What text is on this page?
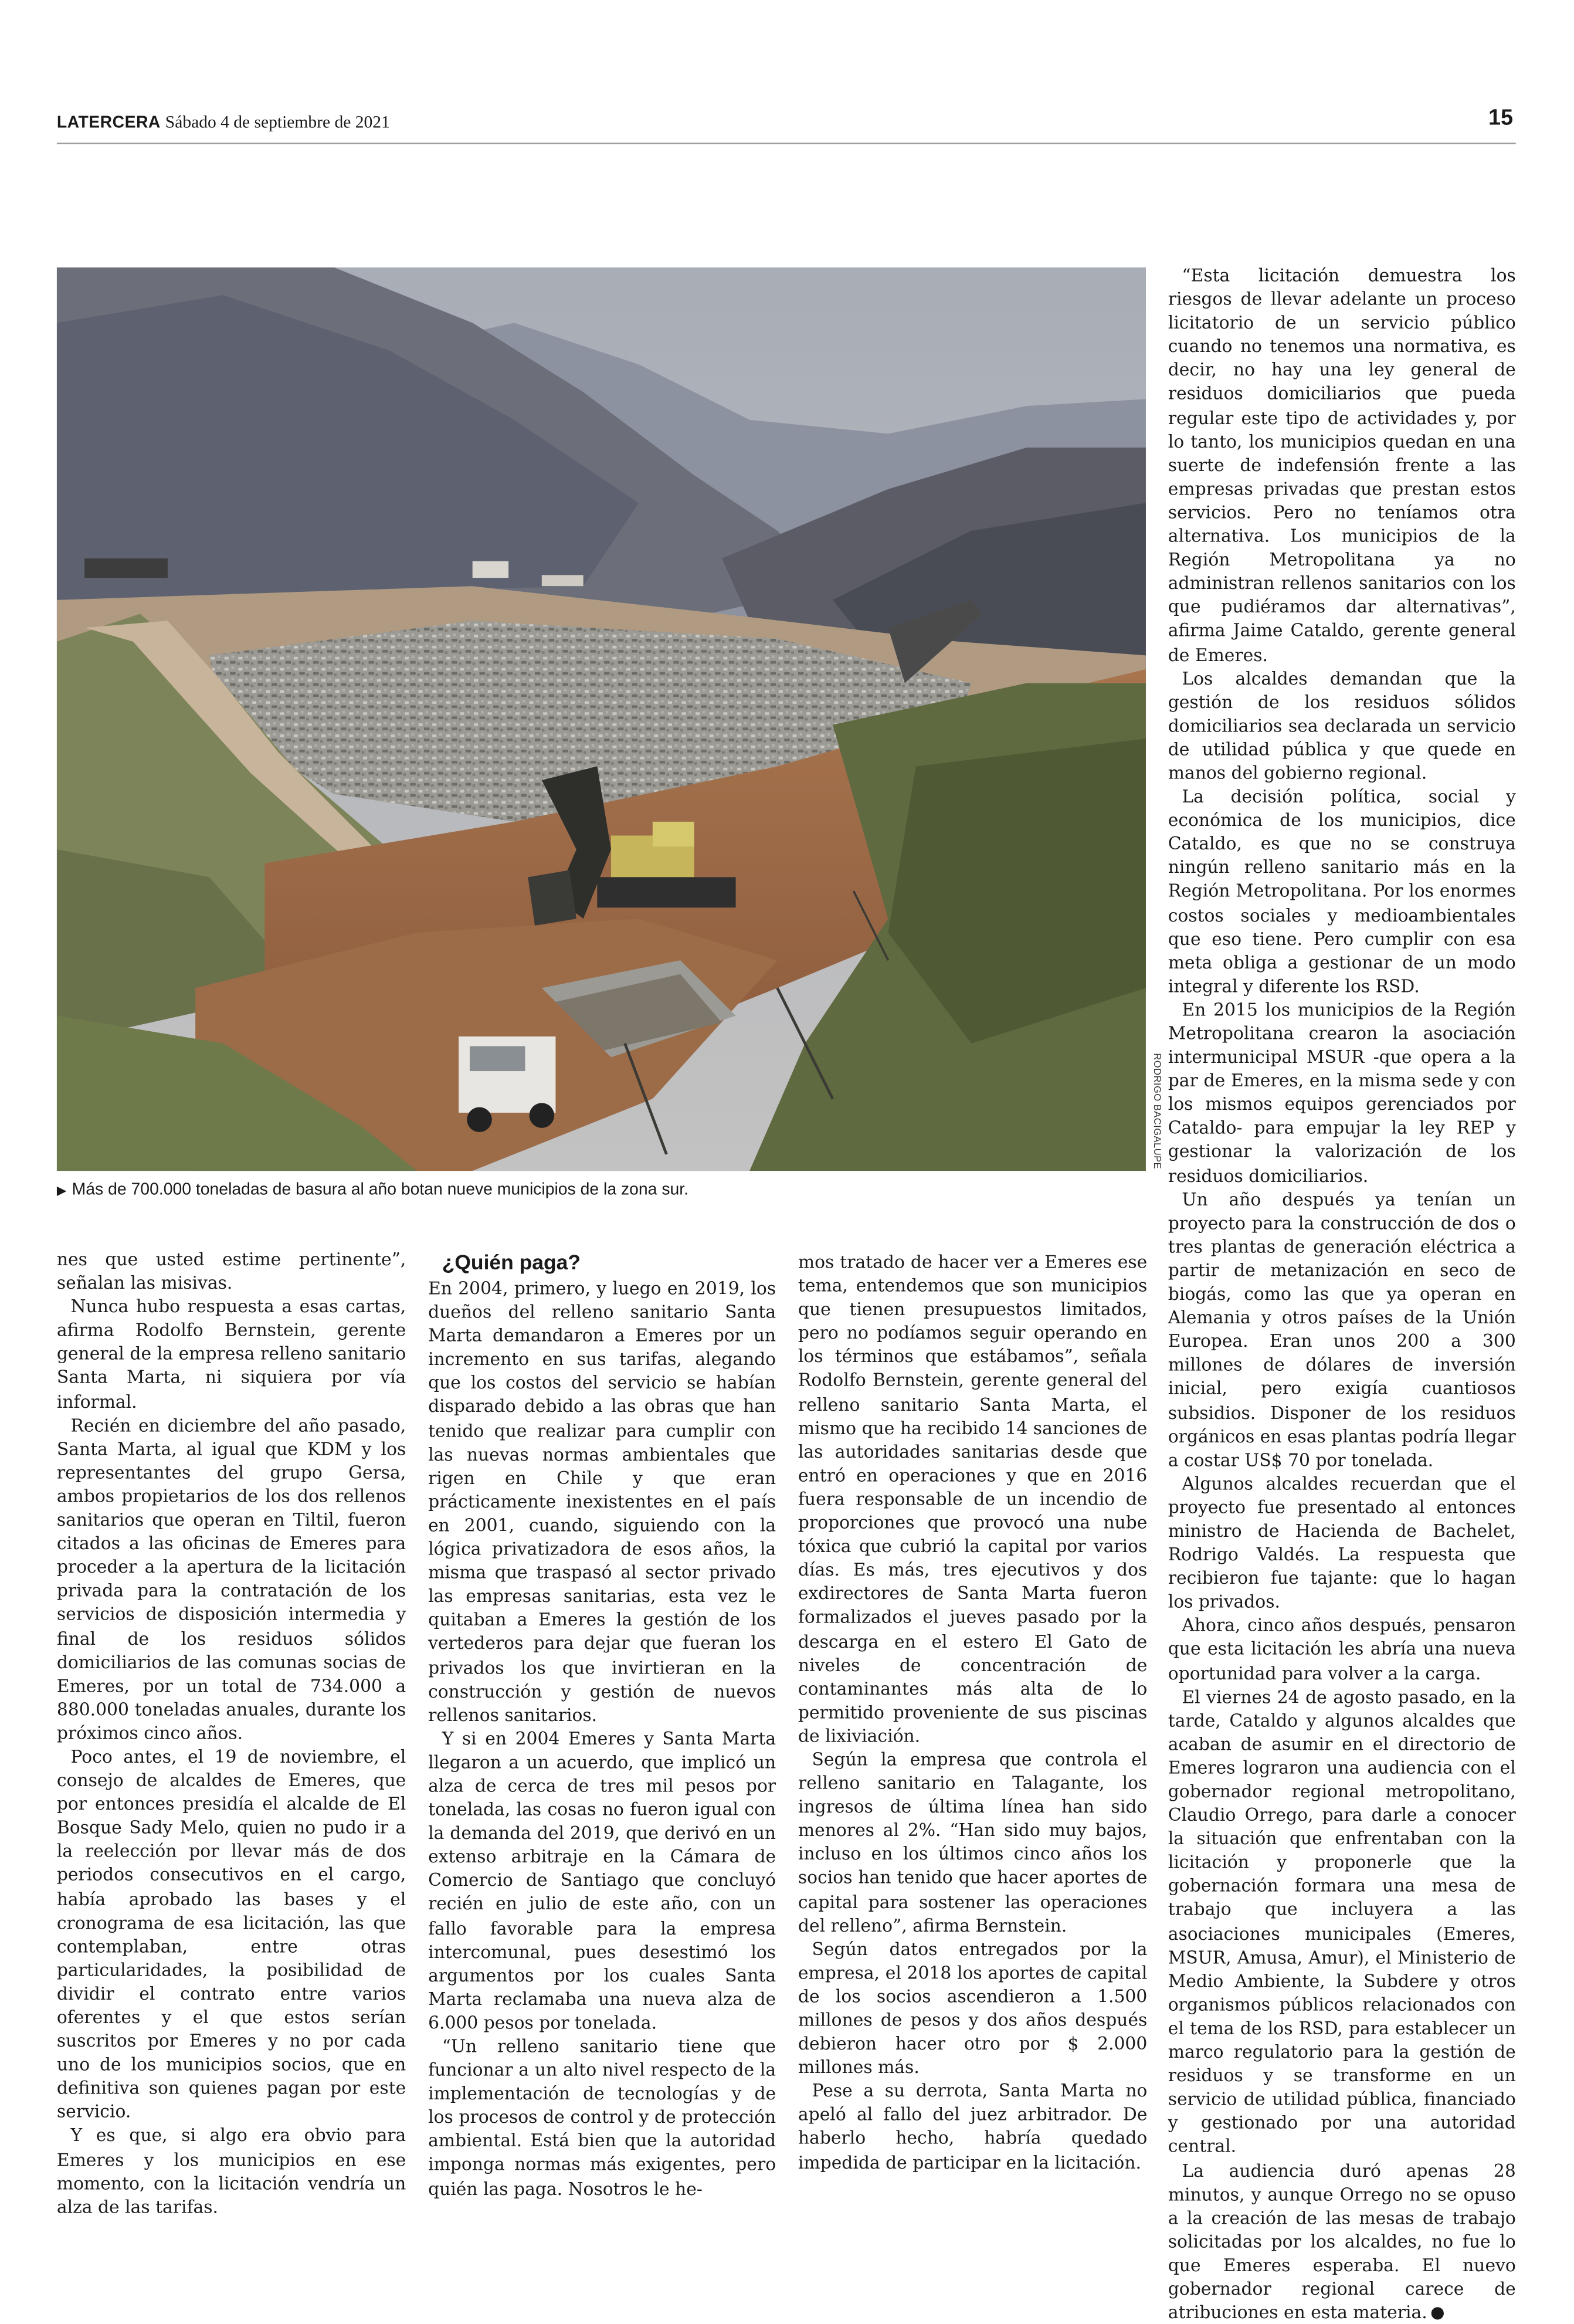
LATERCERA Sábado 4 de septiembre de 2021	15
RODRIGO BACIGALUPE
▶ Más de 700.000 toneladas de basura al año botan nueve municipios de la zona sur.

nes que usted estime pertinente”, señalan las misivas.

Nunca hubo respuesta a esas cartas, afirma Rodolfo Bernstein, gerente general de la empresa relleno sanitario Santa Marta, ni siquiera por vía informal.

Recién en diciembre del año pasado, Santa Marta, al igual que KDM y los representantes del grupo Gersa, ambos propietarios de los dos rellenos sanitarios que operan en Tiltil, fueron citados a las oficinas de Emeres para proceder a la apertura de la licitación privada para la contratación de los servicios de disposición intermedia y final de los residuos sólidos domiciliarios de las comunas socias de Emeres, por un total de 734.000 a 880.000 toneladas anuales, durante los próximos cinco años.

Poco antes, el 19 de noviembre, el consejo de alcaldes de Emeres, que por entonces presidía el alcalde de El Bosque Sady Melo, quien no pudo ir a la reelección por llevar más de dos periodos consecutivos en el cargo, había aprobado las bases y el cronograma de esa licitación, las que contemplaban, entre otras particularidades, la posibilidad de dividir el contrato entre varios oferentes y el que estos serían suscritos por Emeres y no por cada uno de los municipios socios, que en definitiva son quienes pagan por este servicio.

Y es que, si algo era obvio para Emeres y los municipios en ese momento, con la licitación vendría un alza de las tarifas.

¿Quién paga?

En 2004, primero, y luego en 2019, los dueños del relleno sanitario Santa Marta demandaron a Emeres por un incremento en sus tarifas, alegando que los costos del servicio se habían disparado debido a las obras que han tenido que realizar para cumplir con las nuevas normas ambientales que rigen en Chile y que eran prácticamente inexistentes en el país en 2001, cuando, siguiendo con la lógica privatizadora de esos años, la misma que traspasó al sector privado las empresas sanitarias, esta vez le quitaban a Emeres la gestión de los vertederos para dejar que fueran los privados los que invirtieran en la construcción y gestión de nuevos rellenos sanitarios.

Y si en 2004 Emeres y Santa Marta llegaron a un acuerdo, que implicó un alza de cerca de tres mil pesos por tonelada, las cosas no fueron igual con la demanda del 2019, que derivó en un extenso arbitraje en la Cámara de Comercio de Santiago que concluyó recién en julio de este año, con un fallo favorable para la empresa intercomunal, pues desestimó los argumentos por los cuales Santa Marta reclamaba una nueva alza de 6.000 pesos por tonelada.

“Un relleno sanitario tiene que funcionar a un alto nivel respecto de la implementación de tecnologías y de los procesos de control y de protección ambiental. Está bien que la autoridad imponga normas más exigentes, pero quién las paga. Nosotros le he-

mos tratado de hacer ver a Emeres ese tema, entendemos que son municipios que tienen presupuestos limitados, pero no podíamos seguir operando en los términos que estábamos”, señala Rodolfo Bernstein, gerente general del relleno sanitario Santa Marta, el mismo que ha recibido 14 sanciones de las autoridades sanitarias desde que entró en operaciones y que en 2016 fuera responsable de un incendio de proporciones que provocó una nube tóxica que cubrió la capital por varios días. Es más, tres ejecutivos y dos exdirectores de Santa Marta fueron formalizados el jueves pasado por la descarga en el estero El Gato de niveles de concentración de contaminantes más alta de lo permitido proveniente de sus piscinas de lixiviación.

Según la empresa que controla el relleno sanitario en Talagante, los ingresos de última línea han sido menores al 2%. “Han sido muy bajos, incluso en los últimos cinco años los socios han tenido que hacer aportes de capital para sostener las operaciones del relleno”, afirma Bernstein.

Según datos entregados por la empresa, el 2018 los aportes de capital de los socios ascendieron a 1.500 millones de pesos y dos años después debieron hacer otro por $ 2.000 millones más.

Pese a su derrota, Santa Marta no apeló al fallo del juez arbitrador. De haberlo hecho, habría quedado impedida de participar en la licitación.

“Esta licitación demuestra los riesgos de llevar adelante un proceso licitatorio de un servicio público cuando no tenemos una normativa, es decir, no hay una ley general de residuos domiciliarios que pueda regular este tipo de actividades y, por lo tanto, los municipios quedan en una suerte de indefensión frente a las empresas privadas que prestan estos servicios. Pero no teníamos otra alternativa. Los municipios de la Región Metropolitana ya no administran rellenos sanitarios con los que pudiéramos dar alternativas”, afirma Jaime Cataldo, gerente general de Emeres.

Los alcaldes demandan que la gestión de los residuos sólidos domiciliarios sea declarada un servicio de utilidad pública y que quede en manos del gobierno regional.

La decisión política, social y económica de los municipios, dice Cataldo, es que no se construya ningún relleno sanitario más en la Región Metropolitana. Por los enormes costos sociales y medioambientales que eso tiene. Pero cumplir con esa meta obliga a gestionar de un modo integral y diferente los RSD.

En 2015 los municipios de la Región Metropolitana crearon la asociación intermunicipal MSUR -que opera a la par de Emeres, en la misma sede y con los mismos equipos gerenciados por Cataldo- para empujar la ley REP y gestionar la valorización de los residuos domiciliarios.

Un año después ya tenían un proyecto para la construcción de dos o tres plantas de generación eléctrica a partir de metanización en seco de biogás, como las que ya operan en Alemania y otros países de la Unión Europea. Eran unos 200 a 300 millones de dólares de inversión inicial, pero exigía cuantiosos subsidios. Disponer de los residuos orgánicos en esas plantas podría llegar a costar US$ 70 por tonelada.

Algunos alcaldes recuerdan que el proyecto fue presentado al entonces ministro de Hacienda de Bachelet, Rodrigo Valdés. La respuesta que recibieron fue tajante: que lo hagan los privados.

Ahora, cinco años después, pensaron que esta licitación les abría una nueva oportunidad para volver a la carga.

El viernes 24 de agosto pasado, en la tarde, Cataldo y algunos alcaldes que acaban de asumir en el directorio de Emeres lograron una audiencia con el gobernador regional metropolitano, Claudio Orrego, para darle a conocer la situación que enfrentaban con la licitación y proponerle que la gobernación formara una mesa de trabajo que incluyera a las asociaciones municipales (Emeres, MSUR, Amusa, Amur), el Ministerio de Medio Ambiente, la Subdere y otros organismos públicos relacionados con el tema de los RSD, para establecer un marco regulatorio para la gestión de residuos y se transforme en un servicio de utilidad pública, financiado y gestionado por una autoridad central.

La audiencia duró apenas 28 minutos, y aunque Orrego no se opuso a la creación de las mesas de trabajo solicitadas por los alcaldes, no fue lo que Emeres esperaba. El nuevo gobernador regional carece de atribuciones en esta materia.
